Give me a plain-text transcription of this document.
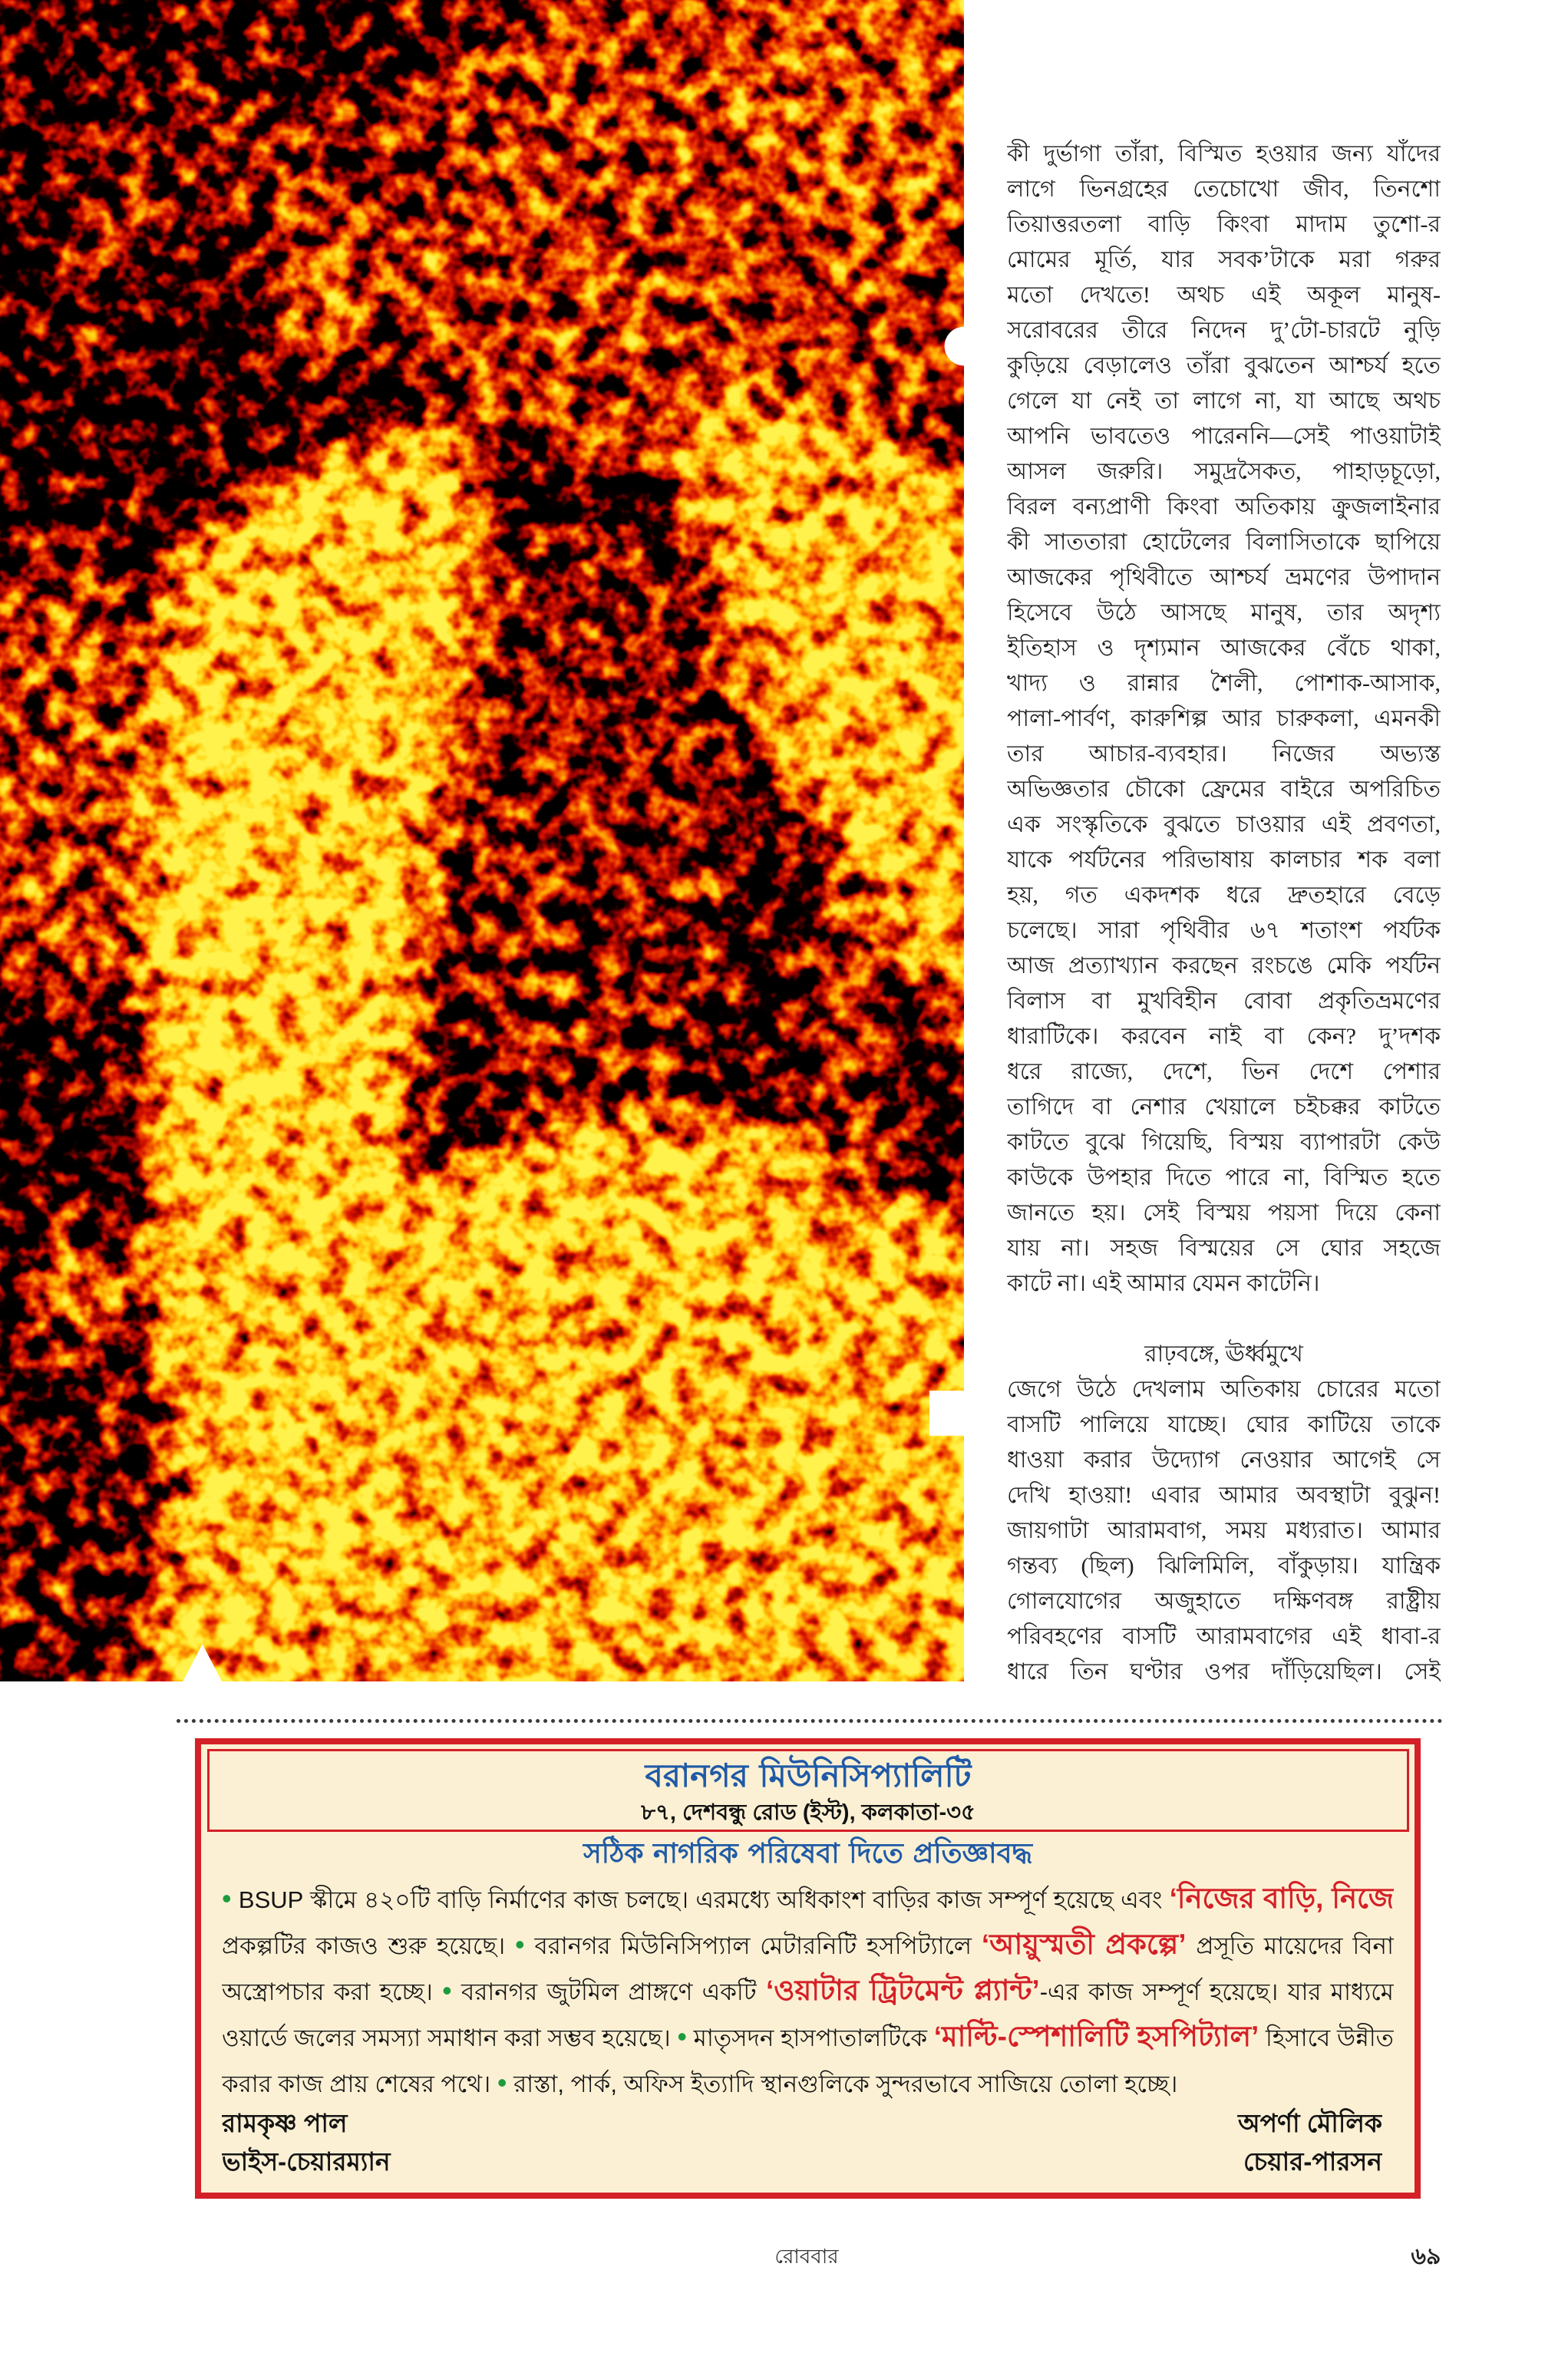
কী দুর্ভাগা তাঁরা, বিস্মিত হওয়ার জন্য যাঁদের
লাগে ভিনগ্রহের তেচোখো জীব, তিনশো
তিয়াত্তরতলা বাড়ি কিংবা মাদাম তুশো-র
মোমের মূর্তি, যার সবক’টাকে মরা গরুর
মতো দেখতে! অথচ এই অকূল মানুষ-
সরোবরের তীরে নিদেন দু’টো-চারটে নুড়ি
কুড়িয়ে বেড়ালেও তাঁরা বুঝতেন আশ্চর্য হতে
গেলে যা নেই তা লাগে না, যা আছে অথচ
আপনি ভাবতেও পারেননি—সেই পাওয়াটাই
আসল জরুরি। সমুদ্রসৈকত, পাহাড়চূড়ো,
বিরল বন্যপ্রাণী কিংবা অতিকায় ক্রুজলাইনার
কী সাততারা হোটেলের বিলাসিতাকে ছাপিয়ে
আজকের পৃথিবীতে আশ্চর্য ভ্রমণের উপাদান
হিসেবে উঠে আসছে মানুষ, তার অদৃশ্য
ইতিহাস ও দৃশ্যমান আজকের বেঁচে থাকা,
খাদ্য ও রান্নার শৈলী, পোশাক-আসাক,
পালা-পার্বণ, কারুশিল্প আর চারুকলা, এমনকী
তার আচার-ব্যবহার। নিজের অভ্যস্ত
অভিজ্ঞতার চৌকো ফ্রেমের বাইরে অপরিচিত
এক সংস্কৃতিকে বুঝতে চাওয়ার এই প্রবণতা,
যাকে পর্যটনের পরিভাষায় কালচার শক বলা
হয়, গত একদশক ধরে দ্রুতহারে বেড়ে
চলেছে। সারা পৃথিবীর ৬৭ শতাংশ পর্যটক
আজ প্রত্যাখ্যান করছেন রংচঙে মেকি পর্যটন
বিলাস বা মুখবিহীন বোবা প্রকৃতিভ্রমণের
ধারাটিকে। করবেন নাই বা কেন? দু’দশক
ধরে রাজ্যে, দেশে, ভিন দেশে পেশার
তাগিদে বা নেশার খেয়ালে চইচক্কর কাটতে
কাটতে বুঝে গিয়েছি, বিস্ময় ব্যাপারটা কেউ
কাউকে উপহার দিতে পারে না, বিস্মিত হতে
জানতে হয়। সেই বিস্ময় পয়সা দিয়ে কেনা
যায় না। সহজ বিস্ময়ের সে ঘোর সহজে
কাটে না। এই আমার যেমন কাটেনি।
রাঢ়বঙ্গে, ঊর্ধ্বমুখে
জেগে উঠে দেখলাম অতিকায় চোরের মতো
বাসটি পালিয়ে যাচ্ছে। ঘোর কাটিয়ে তাকে
ধাওয়া করার উদ্যোগ নেওয়ার আগেই সে
দেখি হাওয়া! এবার আমার অবস্থাটা বুঝুন!
জায়গাটা আরামবাগ, সময় মধ্যরাত। আমার
গন্তব্য (ছিল) ঝিলিমিলি, বাঁকুড়ায়। যান্ত্রিক
গোলযোগের অজুহাতে দক্ষিণবঙ্গ রাষ্ট্রীয়
পরিবহণের বাসটি আরামবাগের এই ধাবা-র
ধারে তিন ঘণ্টার ওপর দাঁড়িয়েছিল। সেই
বরানগর মিউনিসিপ্যালিটি
৮৭, দেশবন্ধু রোড (ইস্ট), কলকাতা-৩৫
সঠিক নাগরিক পরিষেবা দিতে প্রতিজ্ঞাবদ্ধ
• BSUP স্কীমে ৪২০টি বাড়ি নির্মাণের কাজ চলছে। এরমধ্যে অধিকাংশ বাড়ির কাজ সম্পূর্ণ হয়েছে এবং ‘নিজের বাড়ি, নিজে
প্রকল্পটির কাজও শুরু হয়েছে। • বরানগর মিউনিসিপ্যাল মেটারনিটি হসপিট্যালে ‘আয়ুস্মতী প্রকল্পে’ প্রসূতি মায়েদের বিনা
অস্ত্রোপচার করা হচ্ছে। • বরানগর জুটমিল প্রাঙ্গণে একটি ‘ওয়াটার ট্রিটমেন্ট প্ল্যান্ট’-এর কাজ সম্পূর্ণ হয়েছে। যার মাধ্যমে
ওয়ার্ডে জলের সমস্যা সমাধান করা সম্ভব হয়েছে। • মাতৃসদন হাসপাতালটিকে ‘মাল্টি-স্পেশালিটি হসপিট্যাল’ হিসাবে উন্নীত
করার কাজ প্রায় শেষের পথে। • রাস্তা, পার্ক, অফিস ইত্যাদি স্থানগুলিকে সুন্দরভাবে সাজিয়ে তোলা হচ্ছে।
রামকৃষ্ণ পাল
ভাইস-চেয়ারম্যান
অপর্ণা মৌলিক
চেয়ার-পারসন
রোববার	৬৯
